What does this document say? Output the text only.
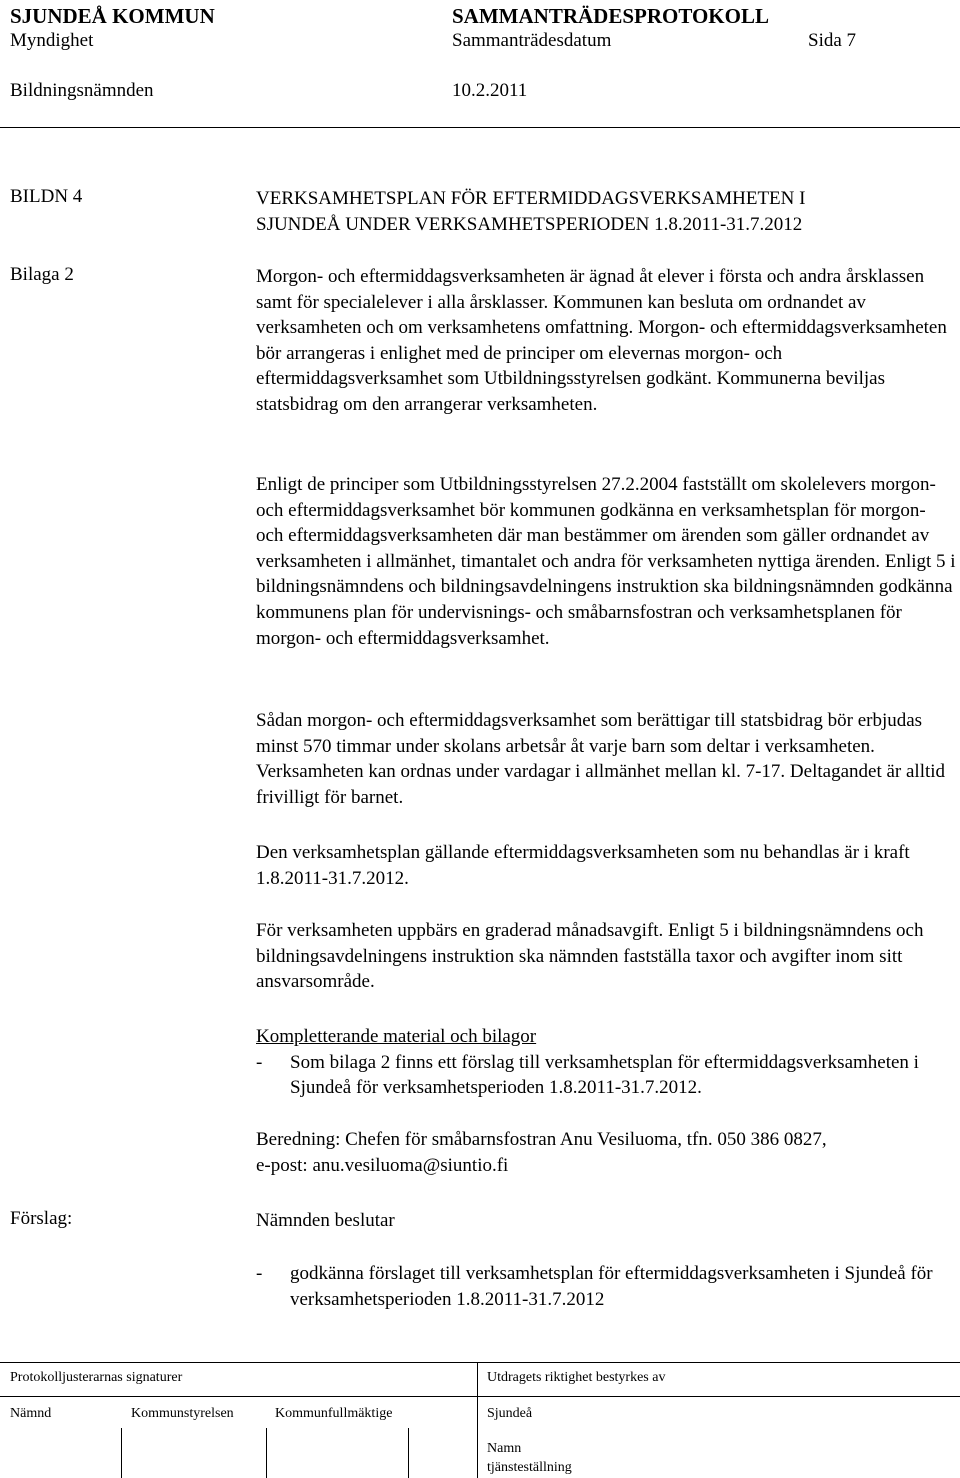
SJUNDEÅ KOMMUN	SAMMANTRÄDESPROTOKOLL
Myndighet	Sammanträdesdatum	Sida 7
Bildningsnämnden	10.2.2011
BILDN 4	VERKSAMHETSPLAN FÖR EFTERMIDDAGSVERKSAMHETEN I
SJUNDEÅ UNDER VERKSAMHETSPERIODEN 1.8.2011-31.7.2012
Bilaga 2	Morgon- och eftermiddagsverksamheten är ägnad åt elever i första och andra årsklassen samt för specialelever i alla årsklasser. Kommunen kan besluta om ordnandet av verksamheten och om verksamhetens omfattning. Morgon- och eftermiddagsverksamheten bör arrangeras i enlighet med de principer om elevernas morgon- och eftermiddagsverksamhet som Utbildningsstyrelsen godkänt. Kommunerna beviljas statsbidrag om den arrangerar verksamheten.

Enligt de principer som Utbildningsstyrelsen 27.2.2004 fastställt om skolelevers morgon- och eftermiddagsverksamhet bör kommunen godkänna en verksamhetsplan för morgon- och eftermiddagsverksamheten där man bestämmer om ärenden som gäller ordnandet av verksamheten i allmänhet, timantalet och andra för verksamheten nyttiga ärenden. Enligt 5 i bildningsnämndens och bildningsavdelningens instruktion ska bildningsnämnden godkänna kommunens plan för undervisnings- och småbarnsfostran och verksamhetsplanen för morgon- och eftermiddagsverksamhet.

Sådan morgon- och eftermiddagsverksamhet som berättigar till statsbidrag bör erbjudas minst 570 timmar under skolans arbetsår åt varje barn som deltar i verksamheten. Verksamheten kan ordnas under vardagar i allmänhet mellan kl. 7-17. Deltagandet är alltid frivilligt för barnet.

Den verksamhetsplan gällande eftermiddagsverksamheten som nu behandlas är i kraft 1.8.2011-31.7.2012.

För verksamheten uppbärs en graderad månadsavgift. Enligt 5 i bildningsnämndens och bildningsavdelningens instruktion ska nämnden fastställa taxor och avgifter inom sitt ansvarsområde.

Kompletterande material och bilagor

- Som bilaga 2 finns ett förslag till verksamhetsplan för eftermiddagsverksamheten i Sjundeå för verksamhetsperioden 1.8.2011-31.7.2012.

Beredning: Chefen för småbarnsfostran Anu Vesiluoma, tfn. 050 386 0827,

e-post: anu.vesiluoma@siuntio.fi

Förslag:	Nämnden beslutar

- godkänna förslaget till verksamhetsplan för eftermiddagsverksamheten i Sjundeå för verksamhetsperioden 1.8.2011-31.7.2012
Protokolljusterarnas signaturer	Utdragets riktighet bestyrkes av
Nämnd	Kommunstyrelsen	Kommunfullmäktige	Sjundeå
Namn
tjänsteställning
